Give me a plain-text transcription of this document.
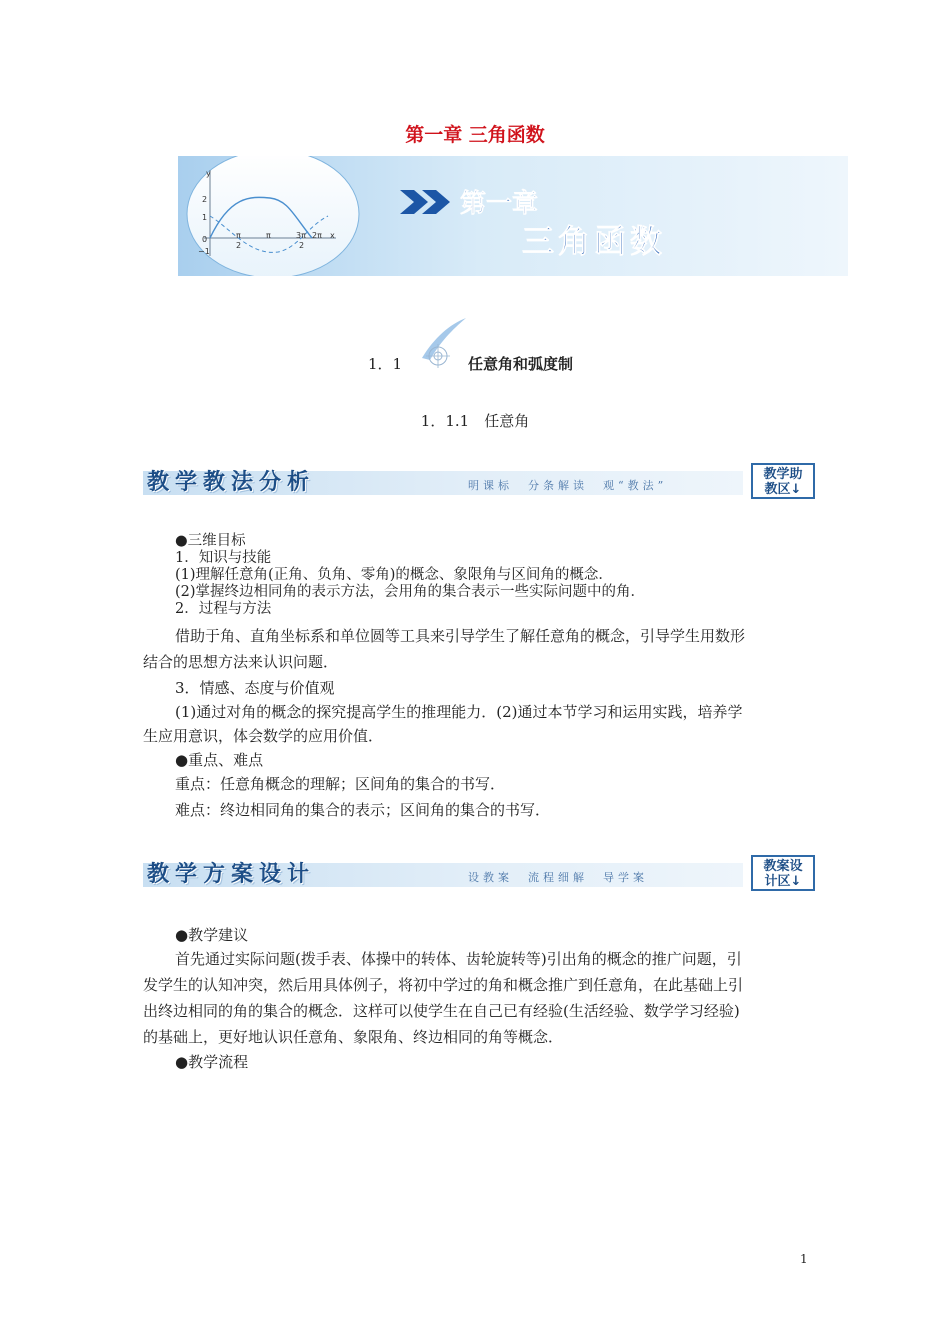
第一章 三角函数
y
2
1
0
−1
π
2
π	3π
2
2π x
第一章
三角函数
1．1	任意角和弧度制
1．1.1　任意角
教学教法分析	明课标　分条解读　观“教法”
教学助
教区↓
●三维目标
1．知识与技能
(1)理解任意角(正角、负角、零角)的概念、象限角与区间角的概念．
(2)掌握终边相同角的表示方法，会用角的集合表示一些实际问题中的角．
2．过程与方法
借助于角、直角坐标系和单位圆等工具来引导学生了解任意角的概念，引导学生用数形
结合的思想方法来认识问题．
3．情感、态度与价值观
(1)通过对角的概念的探究提高学生的推理能力．(2)通过本节学习和运用实践，培养学
生应用意识，体会数学的应用价值．
●重点、难点
重点：任意角概念的理解；区间角的集合的书写．
难点：终边相同角的集合的表示；区间角的集合的书写．
教学方案设计	设教案　流程细解　导学案
教案设
计区↓
●教学建议
首先通过实际问题(拨手表、体操中的转体、齿轮旋转等)引出角的概念的推广问题，引
发学生的认知冲突，然后用具体例子，将初中学过的角和概念推广到任意角，在此基础上引
出终边相同的角的集合的概念．这样可以使学生在自己已有经验(生活经验、数学学习经验)
的基础上，更好地认识任意角、象限角、终边相同的角等概念．
●教学流程
1
